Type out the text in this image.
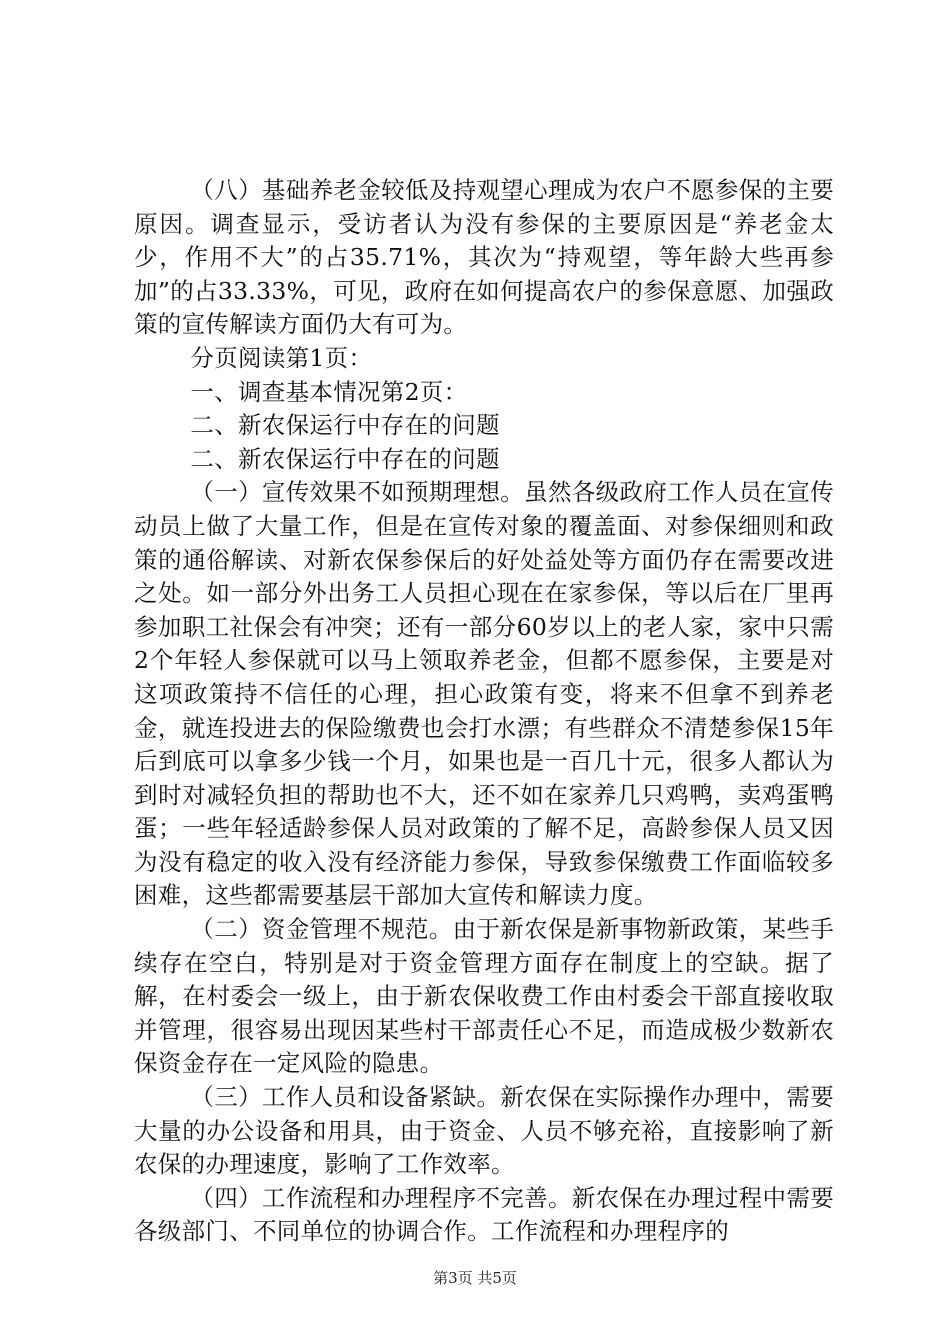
（八）基础养老金较低及持观望心理成为农户不愿参保的主要原因。调查显示，受访者认为没有参保的主要原因是“养老金太少，作用不大”的占35.71%，其次为“持观望，等年龄大些再参加”的占33.33%，可见，政府在如何提高农户的参保意愿、加强政策的宣传解读方面仍大有可为。

分页阅读第1页：

一、调查基本情况第2页：

二、新农保运行中存在的问题

二、新农保运行中存在的问题

（一）宣传效果不如预期理想。虽然各级政府工作人员在宣传动员上做了大量工作，但是在宣传对象的覆盖面、对参保细则和政策的通俗解读、对新农保参保后的好处益处等方面仍存在需要改进之处。如一部分外出务工人员担心现在在家参保，等以后在厂里再参加职工社保会有冲突；还有一部分60岁以上的老人家，家中只需2个年轻人参保就可以马上领取养老金，但都不愿参保，主要是对这项政策持不信任的心理，担心政策有变，将来不但拿不到养老金，就连投进去的保险缴费也会打水漂；有些群众不清楚参保15年后到底可以拿多少钱一个月，如果也是一百几十元，很多人都认为到时对减轻负担的帮助也不大，还不如在家养几只鸡鸭，卖鸡蛋鸭蛋；一些年轻适龄参保人员对政策的了解不足，高龄参保人员又因为没有稳定的收入没有经济能力参保，导致参保缴费工作面临较多困难，这些都需要基层干部加大宣传和解读力度。

（二）资金管理不规范。由于新农保是新事物新政策，某些手续存在空白，特别是对于资金管理方面存在制度上的空缺。据了解，在村委会一级上，由于新农保收费工作由村委会干部直接收取并管理，很容易出现因某些村干部责任心不足，而造成极少数新农保资金存在一定风险的隐患。

（三）工作人员和设备紧缺。新农保在实际操作办理中，需要大量的办公设备和用具，由于资金、人员不够充裕，直接影响了新农保的办理速度，影响了工作效率。

（四）工作流程和办理程序不完善。新农保在办理过程中需要各级部门、不同单位的协调合作。工作流程和办理程序的

第3页 共5页
